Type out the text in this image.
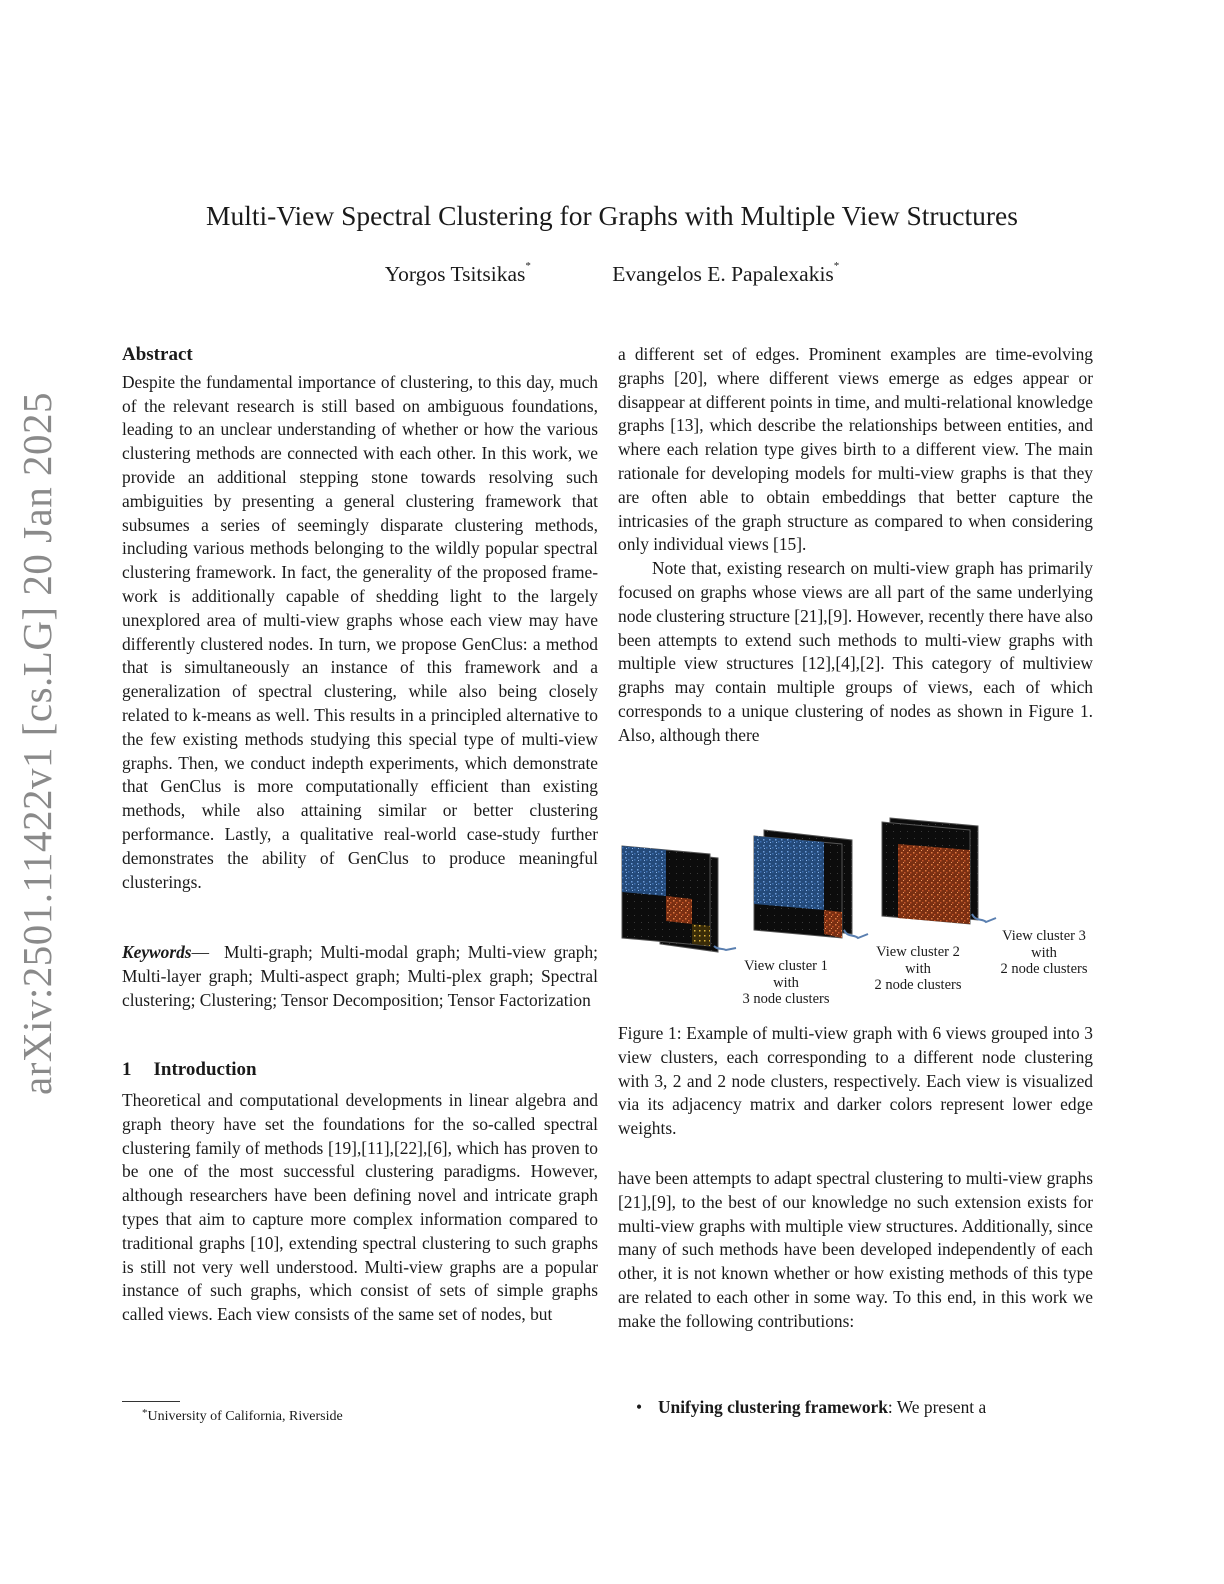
arXiv:2501.11422v1 [cs.LG] 20 Jan 2025
Multi-View Spectral Clustering for Graphs with Multiple View Structures
Yorgos Tsitsikas*	Evangelos E. Papalexakis*
Abstract

Despite the fundamental importance of clustering, to this day, much of the relevant research is still based on ambiguous foundations, leading to an unclear understanding of whether or how the various clustering methods are connected with each other. In this work, we provide an additional stepping stone towards resolving such ambiguities by presenting a general clustering framework that subsumes a series of seemingly disparate clustering methods, including various methods belonging to the wildly popular spectral clustering framework. In fact, the generality of the proposed framework is additionally capable of shedding light to the largely unexplored area of multi-view graphs whose each view may have differently clustered nodes. In turn, we propose GenClus: a method that is simultaneously an instance of this framework and a generalization of spectral clustering, while also being closely related to k-means as well. This results in a principled alternative to the few existing methods studying this special type of multi-view graphs. Then, we conduct indepth experiments, which demonstrate that GenClus is more computationally efficient than existing methods, while also attaining similar or better clustering performance. Lastly, a qualitative real-world case-study further demonstrates the ability of GenClus to produce meaningful clusterings.

Keywords— Multi-graph; Multi-modal graph; Multi-view graph; Multi-layer graph; Multi-aspect graph; Multi-plex graph; Spectral clustering; Clustering; Tensor Decomposition; Tensor Factorization

1 Introduction
Theoretical and computational developments in linear algebra and graph theory have set the foundations for the so-called spectral clustering family of methods [19],[11],[22],[6], which has proven to be one of the most successful clustering paradigms. However, although researchers have been defining novel and intricate graph types that aim to capture more complex information compared to traditional graphs [10], extending spectral clustering to such graphs is still not very well understood. Multi-view graphs are a popular instance of such graphs, which consist of sets of simple graphs called views. Each view consists of the same set of nodes, but
*University of California, Riverside

a different set of edges. Prominent examples are time-evolving graphs [20], where different views emerge as edges appear or disappear at different points in time, and multi-relational knowledge graphs [13], which describe the relationships between entities, and where each relation type gives birth to a different view. The main rationale for developing models for multi-view graphs is that they are often able to obtain embeddings that better capture the intricasies of the graph structure as compared to when considering only individual views [15].

Note that, existing research on multi-view graph has primarily focused on graphs whose views are all part of the same underlying node clustering structure [21],[9]. However, recently there have also been attempts to extend such methods to multi-view graphs with multiple view structures [12],[4],[2]. This category of multiview graphs may contain multiple groups of views, each of which corresponds to a unique clustering of nodes as shown in Figure 1. Also, although there

View cluster 1
with
3 node clusters
View cluster 2
with
2 node clusters
View cluster 3
with
2 node clusters
Figure 1: Example of multi-view graph with 6 views grouped into 3 view clusters, each corresponding to a different node clustering with 3, 2 and 2 node clusters, respectively. Each view is visualized via its adjacency matrix and darker colors represent lower edge weights.
have been attempts to adapt spectral clustering to multi-view graphs [21],[9], to the best of our knowledge no such extension exists for multi-view graphs with multiple view structures. Additionally, since many of such methods have been developed independently of each other, it is not known whether or how existing methods of this type are related to each other in some way. To this end, in this work we make the following contributions:
• Unifying clustering framework: We present a
